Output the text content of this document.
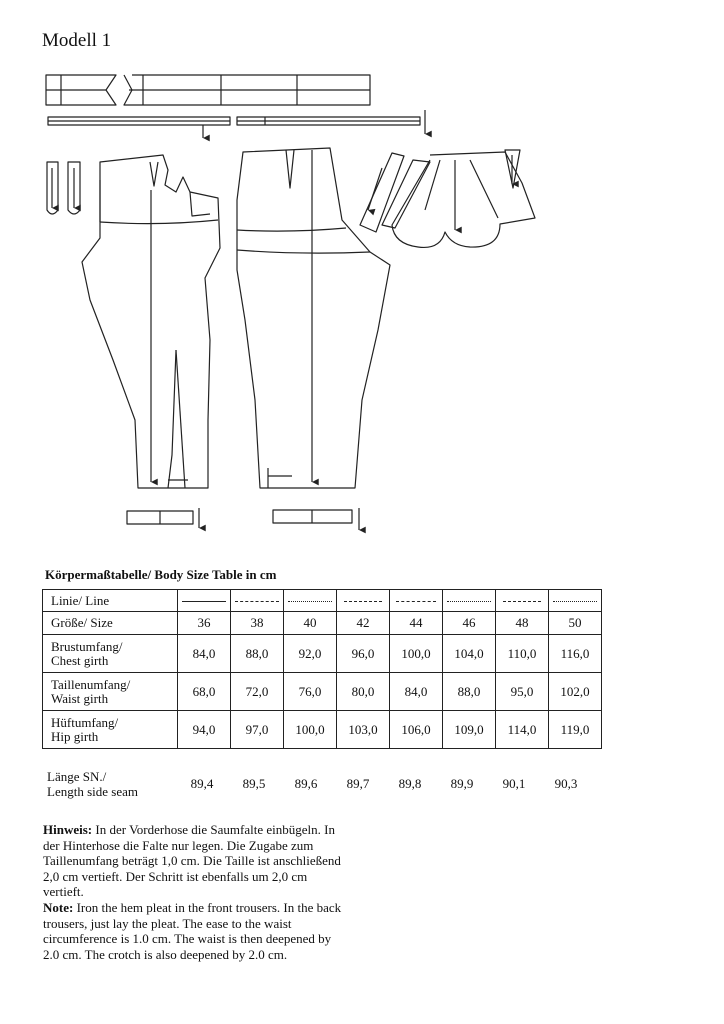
Modell 1
Körpermaßtabelle/ Body Size Table in cm
Linie/ Line								
Größe/ Size	36	38	40	42	44	46	48	50
Brustumfang/
Chest girth	84,0	88,0	92,0	96,0	100,0	104,0	110,0	116,0
Taillenumfang/
Waist girth	68,0	72,0	76,0	80,0	84,0	88,0	95,0	102,0
Hüftumfang/
Hip girth	94,0	97,0	100,0	103,0	106,0	109,0	114,0	119,0
Länge SN./
Length side seam	89,4	89,5	89,6	89,7	89,8	89,9	90,1	90,3

Hinweis: In der Vorderhose die Saumfalte einbügeln. In der Hinterhose die Falte nur legen. Die Zugabe zum Taillenumfang beträgt 1,0 cm. Die Taille ist anschließend 2,0 cm vertieft. Der Schritt ist ebenfalls um 2,0 cm vertieft.

Note: Iron the hem pleat in the front trousers. In the back trousers, just lay the pleat. The ease to the waist circumference is 1.0 cm. The waist is then deepened by 2.0 cm. The crotch is also deepened by 2.0 cm.
